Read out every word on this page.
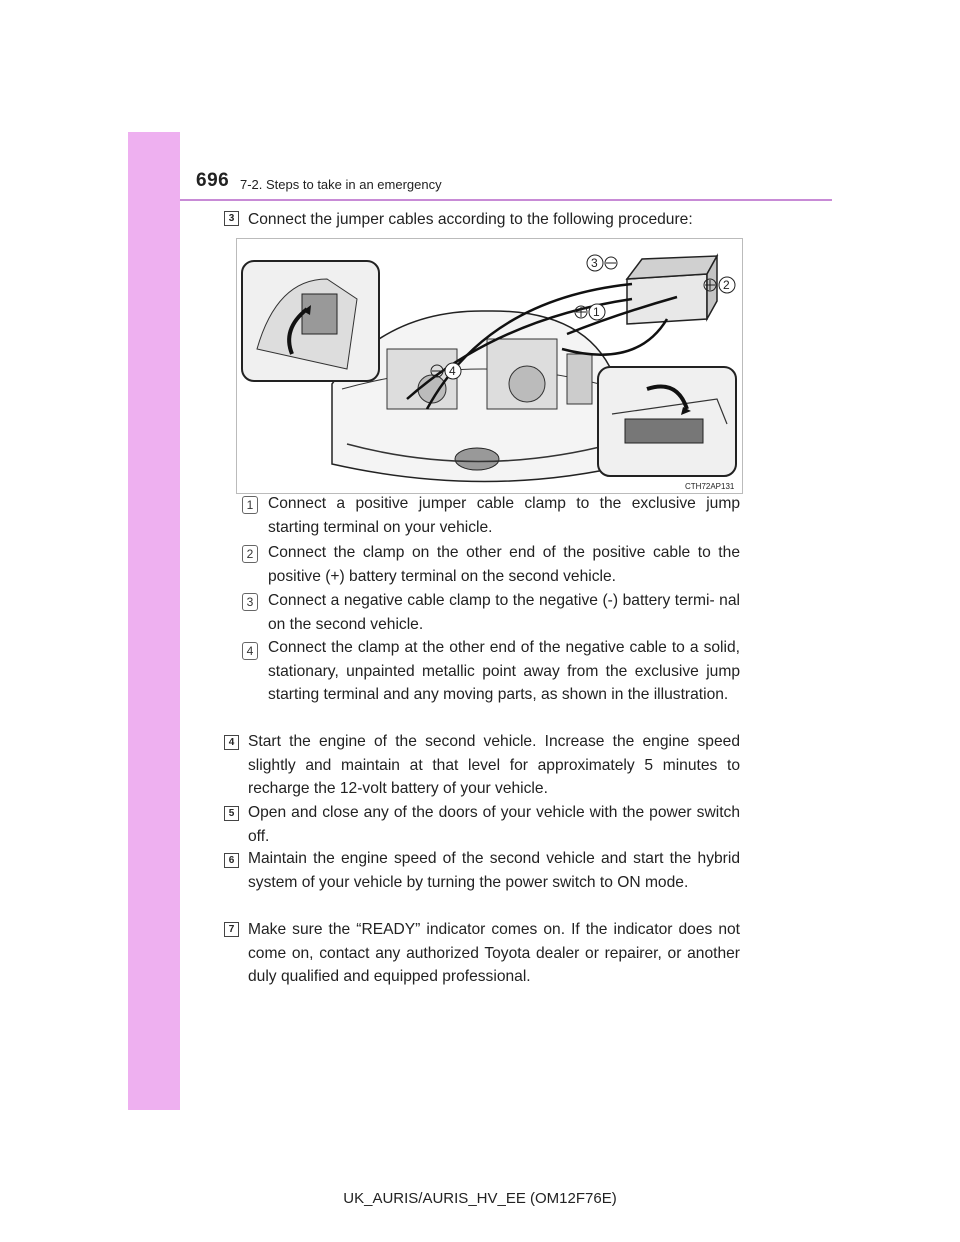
696 7-2. Steps to take in an emergency
3 Connect the jumper cables according to the following procedure:

3
2
1
4
CTH72AP131
1 Connect a positive jumper cable clamp to the exclusive jump starting terminal on your vehicle.

2 Connect the clamp on the other end of the positive cable to the positive (+) battery terminal on the second vehicle.

3 Connect a negative cable clamp to the negative (-) battery termi- nal on the second vehicle.

4 Connect the clamp at the other end of the negative cable to a solid, stationary, unpainted metallic point away from the exclusive jump starting terminal and any moving parts, as shown in the illustration.

4 Start the engine of the second vehicle. Increase the engine speed slightly and maintain at that level for approximately 5 minutes to recharge the 12-volt battery of your vehicle.

5 Open and close any of the doors of your vehicle with the power switch off.

6 Maintain the engine speed of the second vehicle and start the hybrid system of your vehicle by turning the power switch to ON mode.

7 Make sure the “READY” indicator comes on. If the indicator does not come on, contact any authorized Toyota dealer or repairer, or another duly qualified and equipped professional.

UK_AURIS/AURIS_HV_EE (OM12F76E)
